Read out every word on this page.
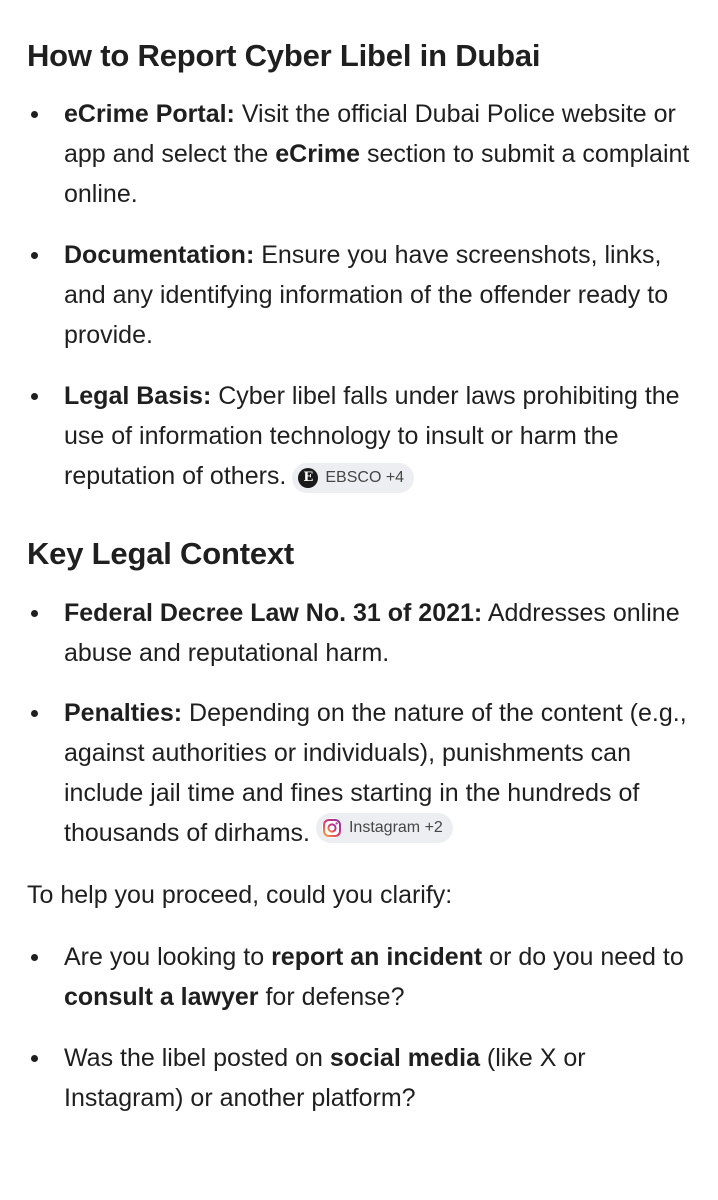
How to Report Cyber Libel in Dubai
eCrime Portal: Visit the official Dubai Police website or app and select the eCrime section to submit a complaint online.
Documentation: Ensure you have screenshots, links, and any identifying information of the offender ready to provide.
Legal Basis: Cyber libel falls under laws prohibiting the use of information technology to insult or harm the reputation of others.	E EBSCO +4
Key Legal Context
Federal Decree Law No. 31 of 2021: Addresses online abuse and reputational harm.
Penalties: Depending on the nature of the content (e.g., against authorities or individuals), punishments can include jail time and fines starting in the hundreds of thousands of dirhams. Instagram +2

To help you proceed, could you clarify:

Are you looking to report an incident or do you need to consult a lawyer for defense?
Was the libel posted on social media (like X or Instagram) or another platform?
